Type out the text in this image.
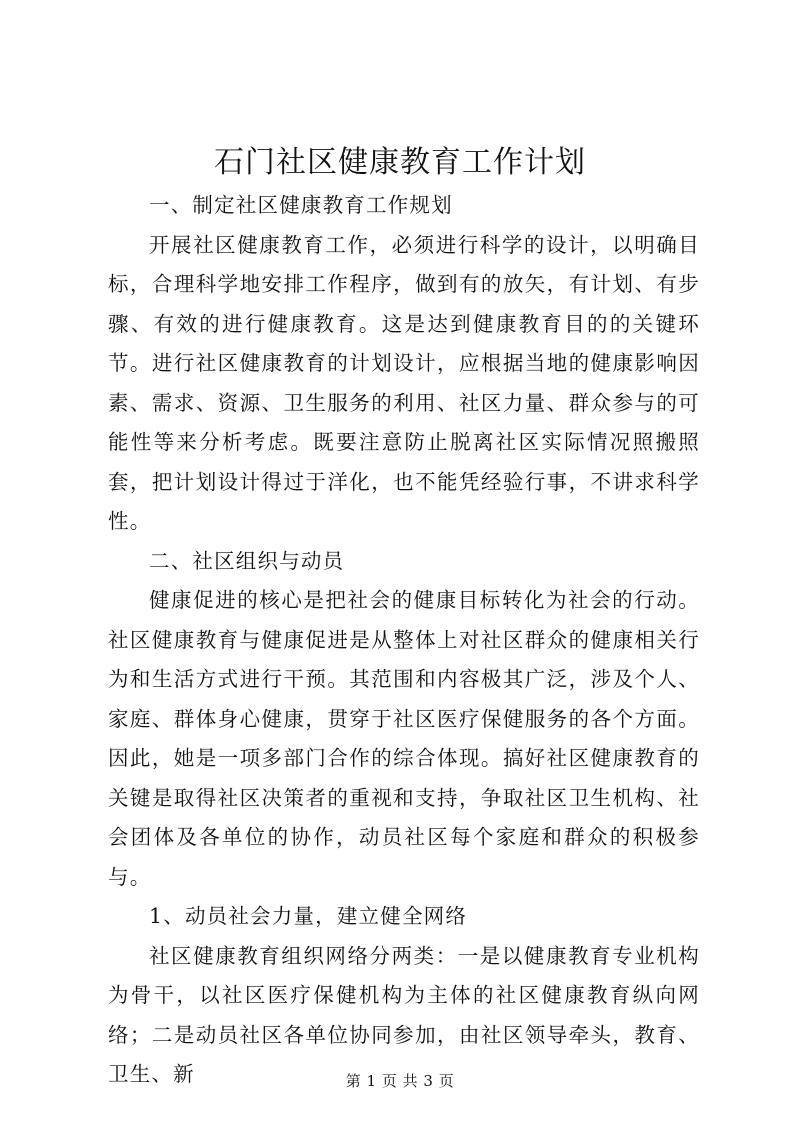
石门社区健康教育工作计划

一、制定社区健康教育工作规划

开展社区健康教育工作，必须进行科学的设计，以明确目标，合理科学地安排工作程序，做到有的放矢，有计划、有步骤、有效的进行健康教育。这是达到健康教育目的的关键环节。进行社区健康教育的计划设计，应根据当地的健康影响因素、需求、资源、卫生服务的利用、社区力量、群众参与的可能性等来分析考虑。既要注意防止脱离社区实际情况照搬照套，把计划设计得过于洋化，也不能凭经验行事，不讲求科学性。

二、社区组织与动员

健康促进的核心是把社会的健康目标转化为社会的行动。社区健康教育与健康促进是从整体上对社区群众的健康相关行为和生活方式进行干预。其范围和内容极其广泛，涉及个人、家庭、群体身心健康，贯穿于社区医疗保健服务的各个方面。因此，她是一项多部门合作的综合体现。搞好社区健康教育的关键是取得社区决策者的重视和支持，争取社区卫生机构、社会团体及各单位的协作，动员社区每个家庭和群众的积极参与。

1、动员社会力量，建立健全网络

社区健康教育组织网络分两类：一是以健康教育专业机构为骨干，以社区医疗保健机构为主体的社区健康教育纵向网络；二是动员社区各单位协同参加，由社区领导牵头，教育、卫生、新	第 1 页 共 3 页
